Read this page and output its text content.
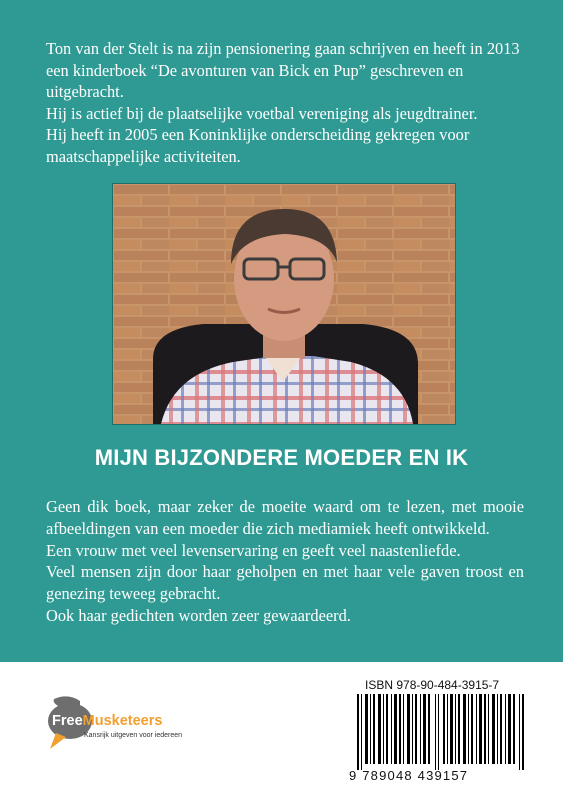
Ton van der Stelt is na zijn pensionering gaan schrijven en heeft in 2013 een kinderboek “De avonturen van Bick en Pup” geschreven en uitgebracht.

Hij is actief bij de plaatselijke voetbal vereniging als jeugdtrainer.

Hij heeft in 2005 een Koninklijke onderscheiding gekregen voor maatschappelijke activiteiten.

MIJN BIJZONDERE MOEDER EN IK

Geen dik boek, maar zeker de moeite waard om te lezen, met mooie afbeeldingen van een moeder die zich mediamiek heeft ontwikkeld.

Een vrouw met veel levenservaring en geeft veel naastenliefde.

Veel mensen zijn door haar geholpen en met haar vele gaven troost en genezing teweeg gebracht.

Ook haar gedichten worden zeer gewaardeerd.

FreeMusketeers
Kansrijk uitgeven voor iedereen
ISBN 978-90-484-3915-7
9 789048 439157
